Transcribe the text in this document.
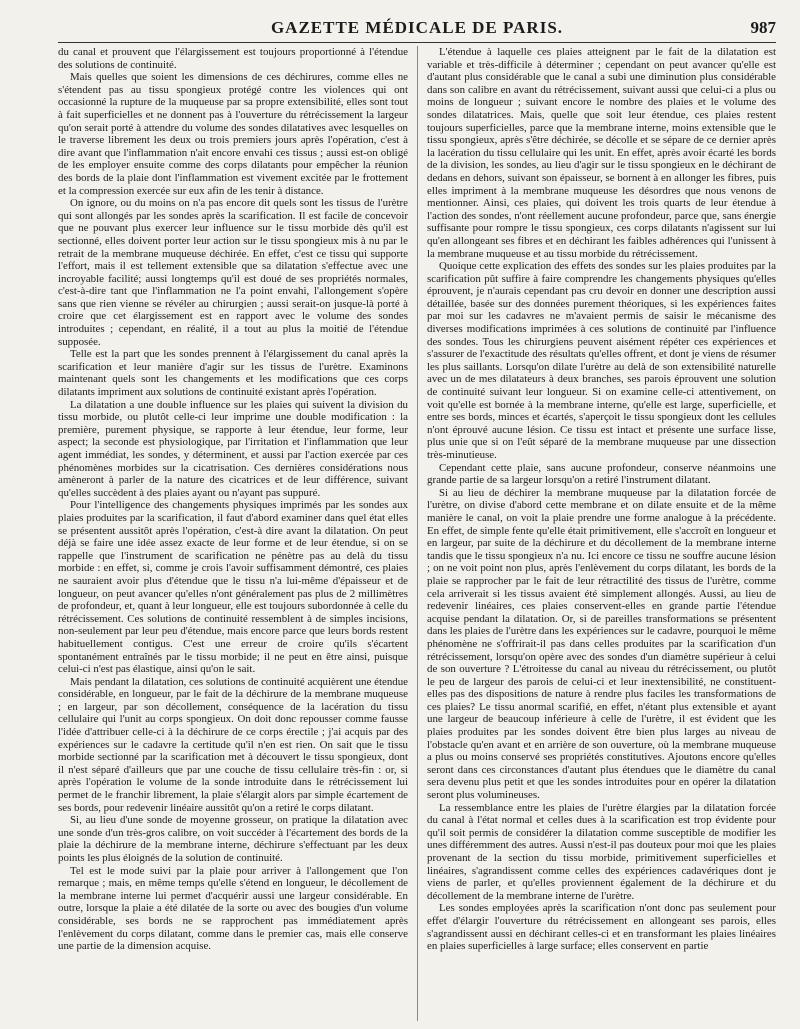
GAZETTE MÉDICALE DE PARIS.	987

du canal et prouvent que l'élargissement est toujours proportionné à l'étendue des solutions de continuité.

Mais quelles que soient les dimensions de ces déchirures, comme elles ne s'étendent pas au tissu spongieux protégé contre les violences qui ont occasionné la rupture de la muqueuse par sa propre extensibilité, elles sont tout à fait superficielles et ne donnent pas à l'ouverture du rétrécissement la largeur qu'on serait porté à attendre du volume des sondes dilatatives avec lesquelles on le traverse librement les deux ou trois premiers jours après l'opération, c'est à dire avant que l'inflammation n'ait encore envahi ces tissus ; aussi est-on obligé de les employer ensuite comme des corps dilatants pour empêcher la réunion des bords de la plaie dont l'inflammation est vivement excitée par le frottement et la compression exercée sur eux afin de les tenir à distance.

On ignore, ou du moins on n'a pas encore dit quels sont les tissus de l'urètre qui sont allongés par les sondes après la scarification. Il est facile de concevoir que ne pouvant plus exercer leur influence sur le tissu morbide dès qu'il est sectionné, elles doivent porter leur action sur le tissu spongieux mis à nu par le retrait de la membrane muqueuse déchirée. En effet, c'est ce tissu qui supporte l'effort, mais il est tellement extensible que sa dilatation s'effectue avec une incroyable facilité; aussi longtemps qu'il est doué de ses propriétés normales, c'est-à-dire tant que l'inflammation ne l'a point envahi, l'allongement s'opère sans que rien vienne se révéler au chirurgien ; aussi serait-on jusque-là porté à croire que cet élargissement est en rapport avec le volume des sondes introduites ; cependant, en réalité, il a tout au plus la moitié de l'étendue supposée.

Telle est la part que les sondes prennent à l'élargissement du canal après la scarification et leur manière d'agir sur les tissus de l'urètre. Examinons maintenant quels sont les changements et les modifications que ces corps dilatants impriment aux solutions de continuité existant après l'opération.

La dilatation a une double influence sur les plaies qui suivent la division du tissu morbide, ou plutôt celle-ci leur imprime une double modification : la première, purement physique, se rapporte à leur étendue, leur forme, leur aspect; la seconde est physiologique, par l'irritation et l'inflammation que leur agent immédiat, les sondes, y déterminent, et aussi par l'action exercée par ces phénomènes morbides sur la cicatrisation. Ces dernières considérations nous amèneront à parler de la nature des cicatrices et de leur différence, suivant qu'elles succèdent à des plaies ayant ou n'ayant pas suppuré.

Pour l'intelligence des changements physiques imprimés par les sondes aux plaies produites par la scarification, il faut d'abord examiner dans quel état elles se présentent aussitôt après l'opération, c'est-à dire avant la dilatation. On peut déjà se faire une idée assez exacte de leur forme et de leur étendue, si on se rappelle que l'instrument de scarification ne pénètre pas au delà du tissu morbide : en effet, si, comme je crois l'avoir suffisamment démontré, ces plaies ne sauraient avoir plus d'étendue que le tissu n'a lui-même d'épaisseur et de longueur, on peut avancer qu'elles n'ont généralement pas plus de 2 millimètres de profondeur, et, quant à leur longueur, elle est toujours subordonnée à celle du rétrécissement. Ces solutions de continuité ressemblent à de simples incisions, non-seulement par leur peu d'étendue, mais encore parce que leurs bords restent habituellement contigus. C'est une erreur de croire qu'ils s'écartent spontanément entraînés par le tissu morbide; il ne peut en être ainsi, puisque celui-ci n'est pas élastique, ainsi qu'on le sait.

Mais pendant la dilatation, ces solutions de continuité acquièrent une étendue considérable, en longueur, par le fait de la déchirure de la membrane muqueuse ; en largeur, par son décollement, conséquence de la lacération du tissu cellulaire qui l'unit au corps spongieux. On doit donc repousser comme fausse l'idée d'attribuer celle-ci à la déchirure de ce corps érectile ; j'ai acquis par des expériences sur le cadavre la certitude qu'il n'en est rien. On sait que le tissu morbide sectionné par la scarification met à découvert le tissu spongieux, dont il n'est séparé d'ailleurs que par une couche de tissu cellulaire très-fin : or, si après l'opération le volume de la sonde introduite dans le rétrécissement lui permet de le franchir librement, la plaie s'élargit alors par simple écartement de ses bords, pour redevenir linéaire aussitôt qu'on a retiré le corps dilatant.

Si, au lieu d'une sonde de moyenne grosseur, on pratique la dilatation avec une sonde d'un très-gros calibre, on voit succéder à l'écartement des bords de la plaie la déchirure de la membrane interne, déchirure s'effectuant par les deux points les plus éloignés de la solution de continuité.

Tel est le mode suivi par la plaie pour arriver à l'allongement que l'on remarque ; mais, en même temps qu'elle s'étend en longueur, le décollement de la membrane interne lui permet d'acquérir aussi une largeur considérable. En outre, lorsque la plaie a été dilatée de la sorte ou avec des bougies d'un volume considérable, ses bords ne se rapprochent pas immédiatement après l'enlèvement du corps dilatant, comme dans le premier cas, mais elle conserve une partie de la dimension acquise.

L'étendue à laquelle ces plaies atteignent par le fait de la dilatation est variable et très-difficile à déterminer ; cependant on peut avancer qu'elle est d'autant plus considérable que le canal a subi une diminution plus considérable dans son calibre en avant du rétrécissement, suivant aussi que celui-ci a plus ou moins de longueur ; suivant encore le nombre des plaies et le volume des sondes dilatatrices. Mais, quelle que soit leur étendue, ces plaies restent toujours superficielles, parce que la membrane interne, moins extensible que le tissu spongieux, après s'être déchirée, se décolle et se sépare de ce dernier après la lacération du tissu cellulaire qui les unit. En effet, après avoir écarté les bords de la division, les sondes, au lieu d'agir sur le tissu spongieux en le déchirant de dedans en dehors, suivant son épaisseur, se bornent à en allonger les fibres, puis elles impriment à la membrane muqueuse les désordres que nous venons de mentionner. Ainsi, ces plaies, qui doivent les trois quarts de leur étendue à l'action des sondes, n'ont réellement aucune profondeur, parce que, sans énergie suffisante pour rompre le tissu spongieux, ces corps dilatants n'agissent sur lui qu'en allongeant ses fibres et en déchirant les faibles adhérences qui l'unissent à la membrane muqueuse et au tissu morbide du rétrécissement.

Quoique cette explication des effets des sondes sur les plaies produites par la scarification pût suffire à faire comprendre les changements physiques qu'elles éprouvent, je n'aurais cependant pas cru devoir en donner une description aussi détaillée, basée sur des données purement théoriques, si les expériences faites par moi sur les cadavres ne m'avaient permis de saisir le mécanisme des diverses modifications imprimées à ces solutions de continuité par l'influence des sondes. Tous les chirurgiens peuvent aisément répéter ces expériences et s'assurer de l'exactitude des résultats qu'elles offrent, et dont je viens de résumer les plus saillants. Lorsqu'on dilate l'urètre au delà de son extensibilité naturelle avec un de mes dilatateurs à deux branches, ses parois éprouvent une solution de continuité suivant leur longueur. Si on examine celle-ci attentivement, on voit qu'elle est bornée à la membrane interne, qu'elle est large, superficielle, et entre ses bords, minces et écartés, s'aperçoit le tissu spongieux dont les cellules n'ont éprouvé aucune lésion. Ce tissu est intact et présente une surface lisse, plus unie que si on l'eût séparé de la membrane muqueuse par une dissection très-minutieuse.

Cependant cette plaie, sans aucune profondeur, conserve néanmoins une grande partie de sa largeur lorsqu'on a retiré l'instrument dilatant.

Si au lieu de déchirer la membrane muqueuse par la dilatation forcée de l'urètre, on divise d'abord cette membrane et on dilate ensuite et de la même manière le canal, on voit la plaie prendre une forme analogue à la précédente. En effet, de simple fente qu'elle était primitivement, elle s'accroît en longueur et en largeur, par suite de la déchirure et du décollement de la membrane interne tandis que le tissu spongieux n'a nu. Ici encore ce tissu ne souffre aucune lésion ; on ne voit point non plus, après l'enlèvement du corps dilatant, les bords de la plaie se rapprocher par le fait de leur rétractilité des tissus de l'urètre, comme cela arriverait si les tissus avaient été simplement allongés. Aussi, au lieu de redevenir linéaires, ces plaies conservent-elles en grande partie l'étendue acquise pendant la dilatation. Or, si de pareilles transformations se présentent dans les plaies de l'urètre dans les expériences sur le cadavre, pourquoi le même phénomène ne s'offrirait-il pas dans celles produites par la scarification d'un rétrécissement, lorsqu'on opère avec des sondes d'un diamètre supérieur à celui de son ouverture ? L'étroitesse du canal au niveau du rétrécissement, ou plutôt le peu de largeur des parois de celui-ci et leur inextensibilité, ne constituent-elles pas des dispositions de nature à rendre plus faciles les transformations de ces plaies? Le tissu anormal scarifié, en effet, n'étant plus extensible et ayant une largeur de beaucoup inférieure à celle de l'urètre, il est évident que les plaies produites par les sondes doivent être bien plus larges au niveau de l'obstacle qu'en avant et en arrière de son ouverture, où la membrane muqueuse a plus ou moins conservé ses propriétés constitutives. Ajoutons encore qu'elles seront dans ces circonstances d'autant plus étendues que le diamètre du canal sera devenu plus petit et que les sondes introduites pour en opérer la dilatation seront plus volumineuses.

La ressemblance entre les plaies de l'urètre élargies par la dilatation forcée du canal à l'état normal et celles dues à la scarification est trop évidente pour qu'il soit permis de considérer la dilatation comme susceptible de modifier les unes différemment des autres. Aussi n'est-il pas douteux pour moi que les plaies provenant de la section du tissu morbide, primitivement superficielles et linéaires, s'agrandissent comme celles des expériences cadavériques dont je viens de parler, et qu'elles proviennent également de la déchirure et du décollement de la membrane interne de l'urètre.

Les sondes employées après la scarification n'ont donc pas seulement pour effet d'élargir l'ouverture du rétrécissement en allongeant ses parois, elles s'agrandissent aussi en déchirant celles-ci et en transformant les plaies linéaires en plaies superficielles à large surface; elles conservent en partie
